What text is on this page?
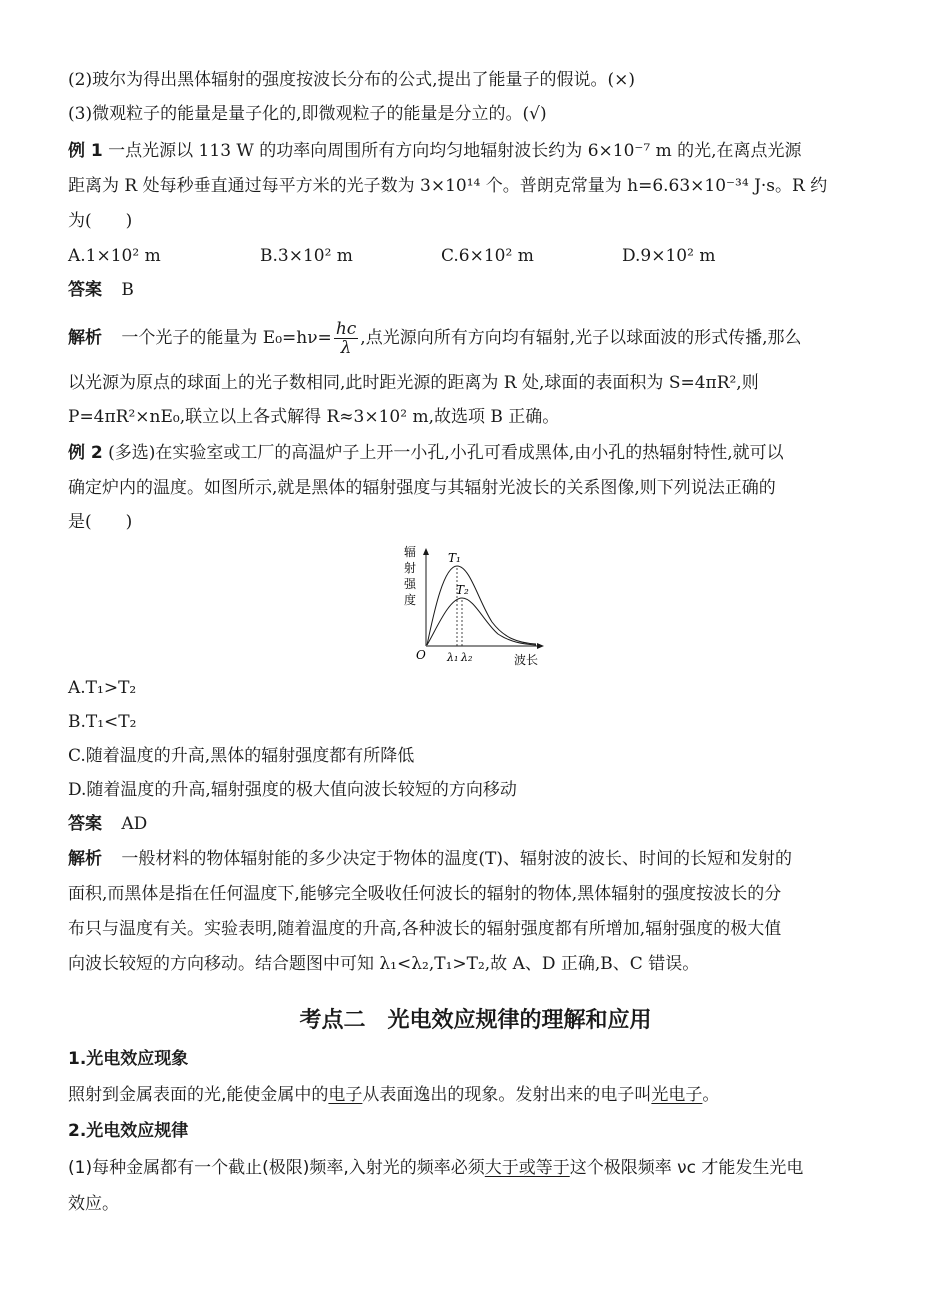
(2)玻尔为得出黑体辐射的强度按波长分布的公式,提出了能量子的假说。(×)
(3)微观粒子的能量是量子化的,即微观粒子的能量是分立的。(√)
例 1 一点光源以 113 W 的功率向周围所有方向均匀地辐射波长约为 6×10⁻⁷ m 的光,在离点光源
距离为 R 处每秒垂直通过每平方米的光子数为 3×10¹⁴ 个。普朗克常量为 h=6.63×10⁻³⁴ J·s。R 约
为(　　)
A.1×10² m	B.3×10² m	C.6×10² m	D.9×10² m
答案 B
解析 一个光子的能量为 $E_0=h\nu= \frac{hc}{\lambda}$ ,点光源向所有方向均有辐射,光子以球面波的形式传播,那么
以光源为原点的球面上的光子数相同,此时距光源的距离为 R 处,球面的表面积为 S=4πR²,则
P=4πR²×nE₀,联立以上各式解得 R≈3×10² m,故选项 B 正确。
例 2 (多选)在实验室或工厂的高温炉子上开一小孔,小孔可看成黑体,由小孔的热辐射特性,就可以
确定炉内的温度。如图所示,就是黑体的辐射强度与其辐射光波长的关系图像,则下列说法正确的
是(　　)
辐
射
强
度
T₁
T₂
O λ₁ λ₂	波长
A.T₁>T₂
B.T₁<T₂
C.随着温度的升高,黑体的辐射强度都有所降低
D.随着温度的升高,辐射强度的极大值向波长较短的方向移动
答案 AD
解析 一般材料的物体辐射能的多少决定于物体的温度(T)、辐射波的波长、时间的长短和发射的
面积,而黑体是指在任何温度下,能够完全吸收任何波长的辐射的物体,黑体辐射的强度按波长的分
布只与温度有关。实验表明,随着温度的升高,各种波长的辐射强度都有所增加,辐射强度的极大值
向波长较短的方向移动。结合题图中可知 λ₁<λ₂,T₁>T₂,故 A、D 正确,B、C 错误。
考点二　光电效应规律的理解和应用
1.光电效应现象
照射到金属表面的光,能使金属中的电子从表面逸出的现象。发射出来的电子叫光电子。
2.光电效应规律
(1)每种金属都有一个截止(极限)频率,入射光的频率必须大于或等于这个极限频率 νc 才能发生光电
效应。
